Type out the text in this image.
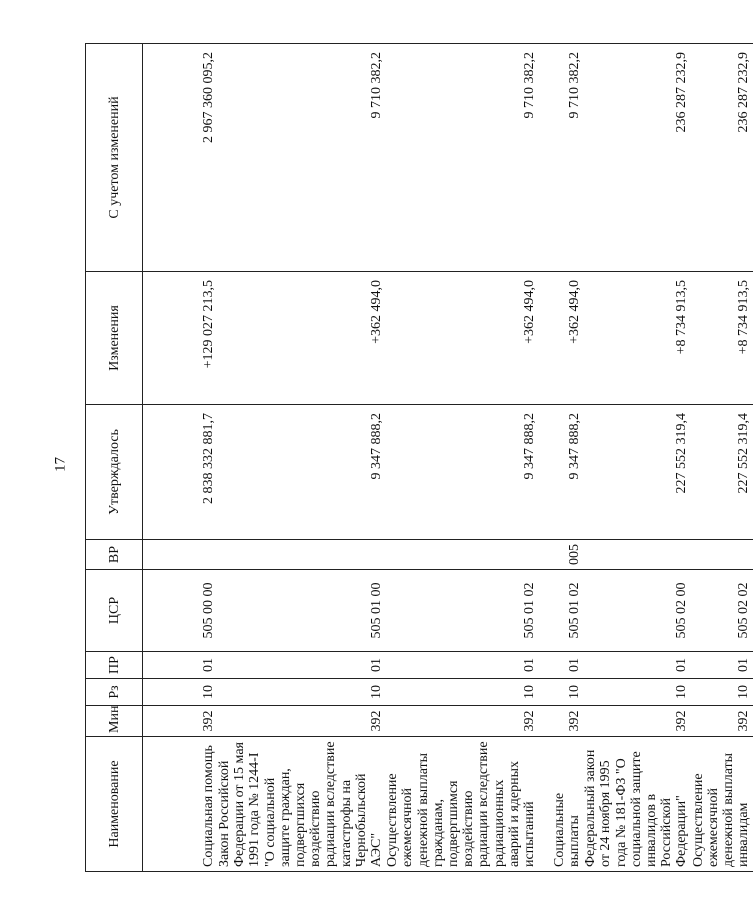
17
Наименование	Мин	Рз	ПР	ЦСР	ВР	Утверждалось	Изменения	С учетом изменений
Социальная помощь	392	10	01	505 00 00		2 838 332 881,7	+129 027 213,5	2 967 360 095,2
Закон Российской Федерации от 15 мая 1991 года № 1244-I "О социальной защите граждан, подвергшихся воздействию радиации вследствие катастрофы на Чернобыльской АЭС"	392	10	01	505 01 00		9 347 888,2	+362 494,0	9 710 382,2
Осуществление ежемесячной денежной выплаты гражданам, подвергшимся воздействию радиации вследствие радиационных аварий и ядерных испытаний	392	10	01	505 01 02		9 347 888,2	+362 494,0	9 710 382,2
Социальные выплаты	392	10	01	505 01 02	005	9 347 888,2	+362 494,0	9 710 382,2
Федеральный закон от 24 ноября 1995 года № 181-ФЗ "О социальной защите инвалидов в Российской Федерации"	392	10	01	505 02 00		227 552 319,4	+8 734 913,5	236 287 232,9
Осуществление ежемесячной денежной выплаты инвалидам	392	10	01	505 02 02		227 552 319,4	+8 734 913,5	236 287 232,9
